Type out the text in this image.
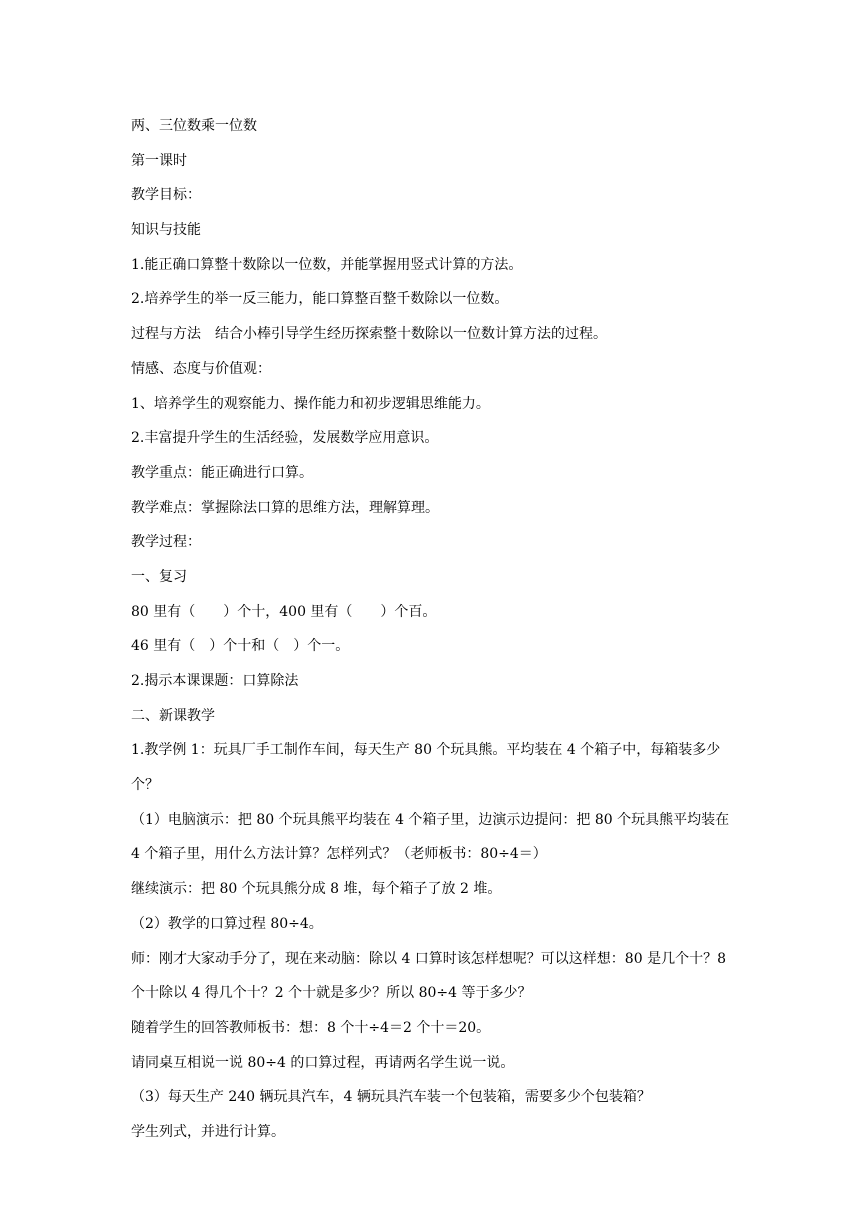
两、三位数乘一位数
第一课时
教学目标：
知识与技能
1.能正确口算整十数除以一位数，并能掌握用竖式计算的方法。
2.培养学生的举一反三能力，能口算整百整千数除以一位数。
过程与方法　结合小棒引导学生经历探索整十数除以一位数计算方法的过程。
情感、态度与价值观：
1、培养学生的观察能力、操作能力和初步逻辑思维能力。
2.丰富提升学生的生活经验，发展数学应用意识。
教学重点：能正确进行口算。
教学难点：掌握除法口算的思维方法，理解算理。
教学过程：
一、复习
80 里有（　　）个十，400 里有（　　）个百。
46 里有（　）个十和（　）个一。
2.揭示本课课题：口算除法
二、新课教学
1.教学例 1：玩具厂手工制作车间，每天生产 80 个玩具熊。平均装在 4 个箱子中，每箱装多少个？
（1）电脑演示：把 80 个玩具熊平均装在 4 个箱子里，边演示边提问：把 80 个玩具熊平均装在 4 个箱子里，用什么方法计算？怎样列式？（老师板书：80÷4＝）
继续演示：把 80 个玩具熊分成 8 堆，每个箱子了放 2 堆。
（2）教学的口算过程 80÷4。
师：刚才大家动手分了，现在来动脑：除以 4 口算时该怎样想呢？可以这样想：80 是几个十？8 个十除以 4 得几个十？2 个十就是多少？所以 80÷4 等于多少？
随着学生的回答教师板书：想：8 个十÷4＝2 个十＝20。
请同桌互相说一说 80÷4 的口算过程，再请两名学生说一说。
（3）每天生产 240 辆玩具汽车，4 辆玩具汽车装一个包装箱，需要多少个包装箱？
学生列式，并进行计算。
